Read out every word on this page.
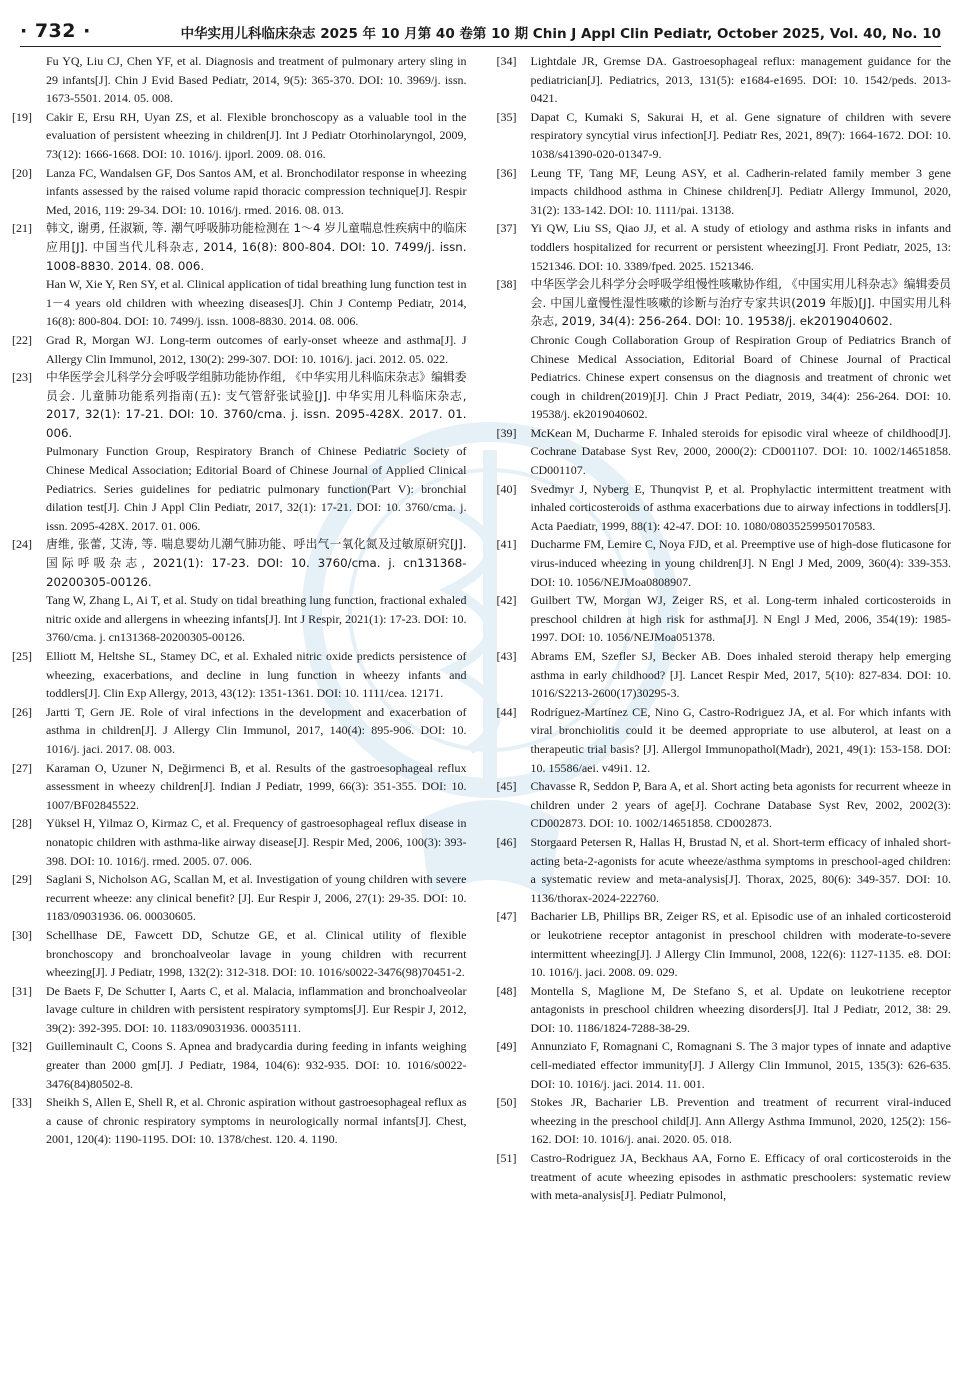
· 732 ·	中华实用儿科临床杂志 2025 年 10 月第 40 卷第 10 期 Chin J Appl Clin Pediatr, October 2025, Vol. 40, No. 10
Fu YQ, Liu CJ, Chen YF, et al. Diagnosis and treatment of pulmonary artery sling in 29 infants[J]. Chin J Evid Based Pediatr, 2014, 9(5): 365-370. DOI: 10. 3969/j. issn. 1673-5501. 2014. 05. 008.
[19]	Cakir E, Ersu RH, Uyan ZS, et al. Flexible bronchoscopy as a valuable tool in the evaluation of persistent wheezing in children[J]. Int J Pediatr Otorhinolaryngol, 2009, 73(12): 1666-1668. DOI: 10. 1016/j. ijporl. 2009. 08. 016.
[20]	Lanza FC, Wandalsen GF, Dos Santos AM, et al. Bronchodilator response in wheezing infants assessed by the raised volume rapid thoracic compression technique[J]. Respir Med, 2016, 119: 29-34. DOI: 10. 1016/j. rmed. 2016. 08. 013.
[21]	韩文, 谢勇, 任淑颖, 等. 潮气呼吸肺功能检测在 1～4 岁儿童喘息性疾病中的临床应用[J]. 中国当代儿科杂志, 2014, 16(8): 800-804. DOI: 10. 7499/j. issn. 1008-8830. 2014. 08. 006.
Han W, Xie Y, Ren SY, et al. Clinical application of tidal breathing lung function test in 1－4 years old children with wheezing diseases[J]. Chin J Contemp Pediatr, 2014, 16(8): 800-804. DOI: 10. 7499/j. issn. 1008-8830. 2014. 08. 006.
[22]	Grad R, Morgan WJ. Long-term outcomes of early-onset wheeze and asthma[J]. J Allergy Clin Immunol, 2012, 130(2): 299-307. DOI: 10. 1016/j. jaci. 2012. 05. 022.
[23]	中华医学会儿科学分会呼吸学组肺功能协作组, 《中华实用儿科临床杂志》编辑委员会. 儿童肺功能系列指南(五): 支气管舒张试验[J]. 中华实用儿科临床杂志, 2017, 32(1): 17-21. DOI: 10. 3760/cma. j. issn. 2095-428X. 2017. 01. 006.
Pulmonary Function Group, Respiratory Branch of Chinese Pediatric Society of Chinese Medical Association; Editorial Board of Chinese Journal of Applied Clinical Pediatrics. Series guidelines for pediatric pulmonary function(Part V): bronchial dilation test[J]. Chin J Appl Clin Pediatr, 2017, 32(1): 17-21. DOI: 10. 3760/cma. j. issn. 2095-428X. 2017. 01. 006.
[24]	唐维, 张蕾, 艾涛, 等. 喘息婴幼儿潮气肺功能、呼出气一氧化氮及过敏原研究[J]. 国际呼吸杂志, 2021(1): 17-23. DOI: 10. 3760/cma. j. cn131368-20200305-00126.
Tang W, Zhang L, Ai T, et al. Study on tidal breathing lung function, fractional exhaled nitric oxide and allergens in wheezing infants[J]. Int J Respir, 2021(1): 17-23. DOI: 10. 3760/cma. j. cn131368-20200305-00126.
[25]	Elliott M, Heltshe SL, Stamey DC, et al. Exhaled nitric oxide predicts persistence of wheezing, exacerbations, and decline in lung function in wheezy infants and toddlers[J]. Clin Exp Allergy, 2013, 43(12): 1351-1361. DOI: 10. 1111/cea. 12171.
[26]	Jartti T, Gern JE. Role of viral infections in the development and exacerbation of asthma in children[J]. J Allergy Clin Immunol, 2017, 140(4): 895-906. DOI: 10. 1016/j. jaci. 2017. 08. 003.
[27]	Karaman O, Uzuner N, Değirmenci B, et al. Results of the gastroesophageal reflux assessment in wheezy children[J]. Indian J Pediatr, 1999, 66(3): 351-355. DOI: 10. 1007/BF02845522.
[28]	Yüksel H, Yilmaz O, Kirmaz C, et al. Frequency of gastroesophageal reflux disease in nonatopic children with asthma-like airway disease[J]. Respir Med, 2006, 100(3): 393-398. DOI: 10. 1016/j. rmed. 2005. 07. 006.
[29]	Saglani S, Nicholson AG, Scallan M, et al. Investigation of young children with severe recurrent wheeze: any clinical benefit? [J]. Eur Respir J, 2006, 27(1): 29-35. DOI: 10. 1183/09031936. 06. 00030605.
[30]	Schellhase DE, Fawcett DD, Schutze GE, et al. Clinical utility of flexible bronchoscopy and bronchoalveolar lavage in young children with recurrent wheezing[J]. J Pediatr, 1998, 132(2): 312-318. DOI: 10. 1016/s0022-3476(98)70451-2.
[31]	De Baets F, De Schutter I, Aarts C, et al. Malacia, inflammation and bronchoalveolar lavage culture in children with persistent respiratory symptoms[J]. Eur Respir J, 2012, 39(2): 392-395. DOI: 10. 1183/09031936. 00035111.
[32]	Guilleminault C, Coons S. Apnea and bradycardia during feeding in infants weighing greater than 2000 gm[J]. J Pediatr, 1984, 104(6): 932-935. DOI: 10. 1016/s0022-3476(84)80502-8.
[33]	Sheikh S, Allen E, Shell R, et al. Chronic aspiration without gastroesophageal reflux as a cause of chronic respiratory symptoms in neurologically normal infants[J]. Chest, 2001, 120(4): 1190-1195. DOI: 10. 1378/chest. 120. 4. 1190.
[34]	Lightdale JR, Gremse DA. Gastroesophageal reflux: management guidance for the pediatrician[J]. Pediatrics, 2013, 131(5): e1684-e1695. DOI: 10. 1542/peds. 2013-0421.
[35]	Dapat C, Kumaki S, Sakurai H, et al. Gene signature of children with severe respiratory syncytial virus infection[J]. Pediatr Res, 2021, 89(7): 1664-1672. DOI: 10. 1038/s41390-020-01347-9.
[36]	Leung TF, Tang MF, Leung ASY, et al. Cadherin-related family member 3 gene impacts childhood asthma in Chinese children[J]. Pediatr Allergy Immunol, 2020, 31(2): 133-142. DOI: 10. 1111/pai. 13138.
[37]	Yi QW, Liu SS, Qiao JJ, et al. A study of etiology and asthma risks in infants and toddlers hospitalized for recurrent or persistent wheezing[J]. Front Pediatr, 2025, 13: 1521346. DOI: 10. 3389/fped. 2025. 1521346.
[38]	中华医学会儿科学分会呼吸学组慢性咳嗽协作组, 《中国实用儿科杂志》编辑委员会. 中国儿童慢性湿性咳嗽的诊断与治疗专家共识(2019 年版)[J]. 中国实用儿科杂志, 2019, 34(4): 256-264. DOI: 10. 19538/j. ek2019040602.
Chronic Cough Collaboration Group of Respiration Group of Pediatrics Branch of Chinese Medical Association, Editorial Board of Chinese Journal of Practical Pediatrics. Chinese expert consensus on the diagnosis and treatment of chronic wet cough in children(2019)[J]. Chin J Pract Pediatr, 2019, 34(4): 256-264. DOI: 10. 19538/j. ek2019040602.
[39]	McKean M, Ducharme F. Inhaled steroids for episodic viral wheeze of childhood[J]. Cochrane Database Syst Rev, 2000, 2000(2): CD001107. DOI: 10. 1002/14651858. CD001107.
[40]	Svedmyr J, Nyberg E, Thunqvist P, et al. Prophylactic intermittent treatment with inhaled corticosteroids of asthma exacerbations due to airway infections in toddlers[J]. Acta Paediatr, 1999, 88(1): 42-47. DOI: 10. 1080/08035259950170583.
[41]	Ducharme FM, Lemire C, Noya FJD, et al. Preemptive use of high-dose fluticasone for virus-induced wheezing in young children[J]. N Engl J Med, 2009, 360(4): 339-353. DOI: 10. 1056/NEJMoa0808907.
[42]	Guilbert TW, Morgan WJ, Zeiger RS, et al. Long-term inhaled corticosteroids in preschool children at high risk for asthma[J]. N Engl J Med, 2006, 354(19): 1985-1997. DOI: 10. 1056/NEJMoa051378.
[43]	Abrams EM, Szefler SJ, Becker AB. Does inhaled steroid therapy help emerging asthma in early childhood? [J]. Lancet Respir Med, 2017, 5(10): 827-834. DOI: 10. 1016/S2213-2600(17)30295-3.
[44]	Rodríguez-Martínez CE, Nino G, Castro-Rodriguez JA, et al. For which infants with viral bronchiolitis could it be deemed appropriate to use albuterol, at least on a therapeutic trial basis? [J]. Allergol Immunopathol(Madr), 2021, 49(1): 153-158. DOI: 10. 15586/aei. v49i1. 12.
[45]	Chavasse R, Seddon P, Bara A, et al. Short acting beta agonists for recurrent wheeze in children under 2 years of age[J]. Cochrane Database Syst Rev, 2002, 2002(3): CD002873. DOI: 10. 1002/14651858. CD002873.
[46]	Storgaard Petersen R, Hallas H, Brustad N, et al. Short-term efficacy of inhaled short-acting beta-2-agonists for acute wheeze/asthma symptoms in preschool-aged children: a systematic review and meta-analysis[J]. Thorax, 2025, 80(6): 349-357. DOI: 10. 1136/thorax-2024-222760.
[47]	Bacharier LB, Phillips BR, Zeiger RS, et al. Episodic use of an inhaled corticosteroid or leukotriene receptor antagonist in preschool children with moderate-to-severe intermittent wheezing[J]. J Allergy Clin Immunol, 2008, 122(6): 1127-1135. e8. DOI: 10. 1016/j. jaci. 2008. 09. 029.
[48]	Montella S, Maglione M, De Stefano S, et al. Update on leukotriene receptor antagonists in preschool children wheezing disorders[J]. Ital J Pediatr, 2012, 38: 29. DOI: 10. 1186/1824-7288-38-29.
[49]	Annunziato F, Romagnani C, Romagnani S. The 3 major types of innate and adaptive cell-mediated effector immunity[J]. J Allergy Clin Immunol, 2015, 135(3): 626-635. DOI: 10. 1016/j. jaci. 2014. 11. 001.
[50]	Stokes JR, Bacharier LB. Prevention and treatment of recurrent viral-induced wheezing in the preschool child[J]. Ann Allergy Asthma Immunol, 2020, 125(2): 156-162. DOI: 10. 1016/j. anai. 2020. 05. 018.
[51]	Castro-Rodriguez JA, Beckhaus AA, Forno E. Efficacy of oral corticosteroids in the treatment of acute wheezing episodes in asthmatic preschoolers: systematic review with meta-analysis[J]. Pediatr Pulmonol,
